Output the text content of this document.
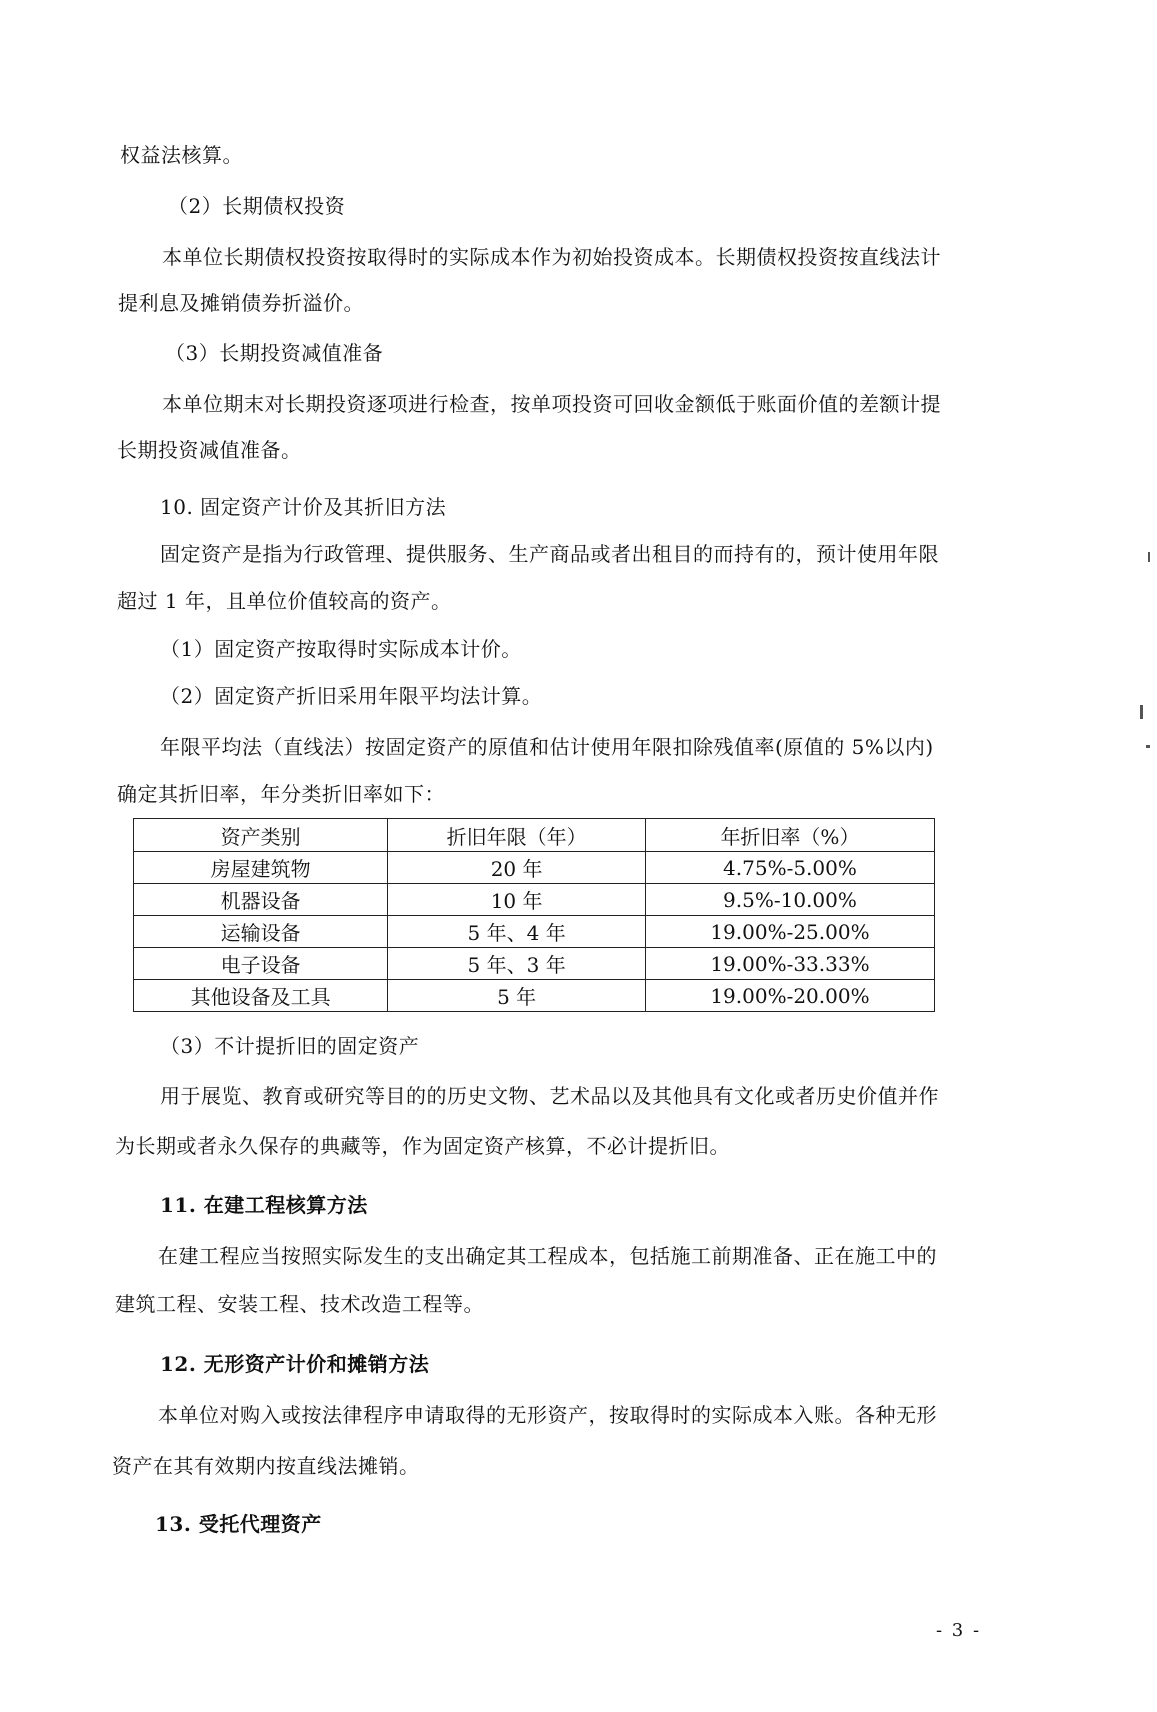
权益法核算。
（2）长期债权投资
本单位长期债权投资按取得时的实际成本作为初始投资成本。长期债权投资按直线法计
提利息及摊销债券折溢价。
（3）长期投资减值准备
本单位期末对长期投资逐项进行检查，按单项投资可回收金额低于账面价值的差额计提
长期投资减值准备。
10. 固定资产计价及其折旧方法
固定资产是指为行政管理、提供服务、生产商品或者出租目的而持有的，预计使用年限
超过 1 年，且单位价值较高的资产。
（1）固定资产按取得时实际成本计价。
（2）固定资产折旧采用年限平均法计算。
年限平均法（直线法）按固定资产的原值和估计使用年限扣除残值率(原值的 5%以内)
确定其折旧率，年分类折旧率如下：
资产类别	折旧年限（年）	年折旧率（%）
房屋建筑物	20 年	4.75%-5.00%
机器设备	10 年	9.5%-10.00%
运输设备	5 年、4 年	19.00%-25.00%
电子设备	5 年、3 年	19.00%-33.33%
其他设备及工具	5 年	19.00%-20.00%
（3）不计提折旧的固定资产
用于展览、教育或研究等目的的历史文物、艺术品以及其他具有文化或者历史价值并作
为长期或者永久保存的典藏等，作为固定资产核算，不必计提折旧。
11. 在建工程核算方法
在建工程应当按照实际发生的支出确定其工程成本，包括施工前期准备、正在施工中的
建筑工程、安装工程、技术改造工程等。
12. 无形资产计价和摊销方法
本单位对购入或按法律程序申请取得的无形资产，按取得时的实际成本入账。各种无形
资产在其有效期内按直线法摊销。
13. 受托代理资产
- 3 -
